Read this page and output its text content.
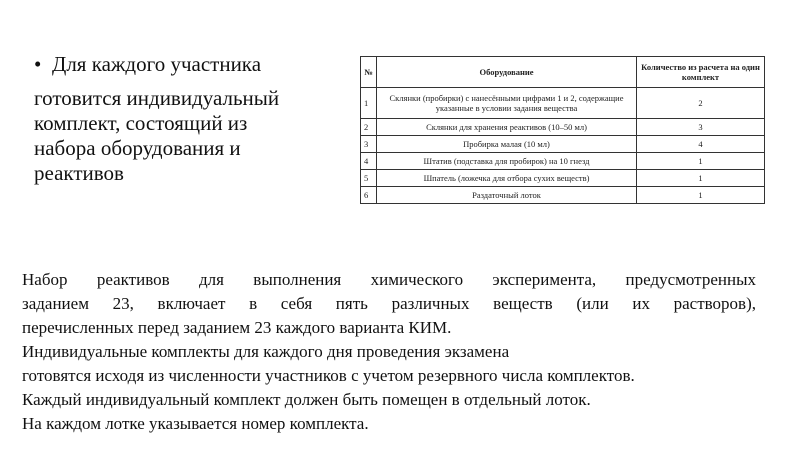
• Для каждого участника
готовится индивидуальный
комплект, состоящий из
набора оборудования и
реактивов
№	Оборудование	Количество из расчета на один комплект
1	Склянки (пробирки) с нанесёнными цифрами 1 и 2, содержащие указанные в условии задания вещества	2
2	Склянки для хранения реактивов (10–50 мл)	3
3	Пробирка малая (10 мл)	4
4	Штатив (подставка для пробирок) на 10 гнезд	1
5	Шпатель (ложечка для отбора сухих веществ)	1
6	Раздаточный лоток	1
Набор реактивов для выполнения химического эксперимента, предусмотренных
заданием 23, включает в себя пять различных веществ (или их растворов),
перечисленных перед заданием 23 каждого варианта КИМ.
Индивидуальные комплекты для каждого дня проведения экзамена
готовятся исходя из численности участников с учетом резервного числа комплектов.
Каждый индивидуальный комплект должен быть помещен в отдельный лоток.
На каждом лотке указывается номер комплекта.
